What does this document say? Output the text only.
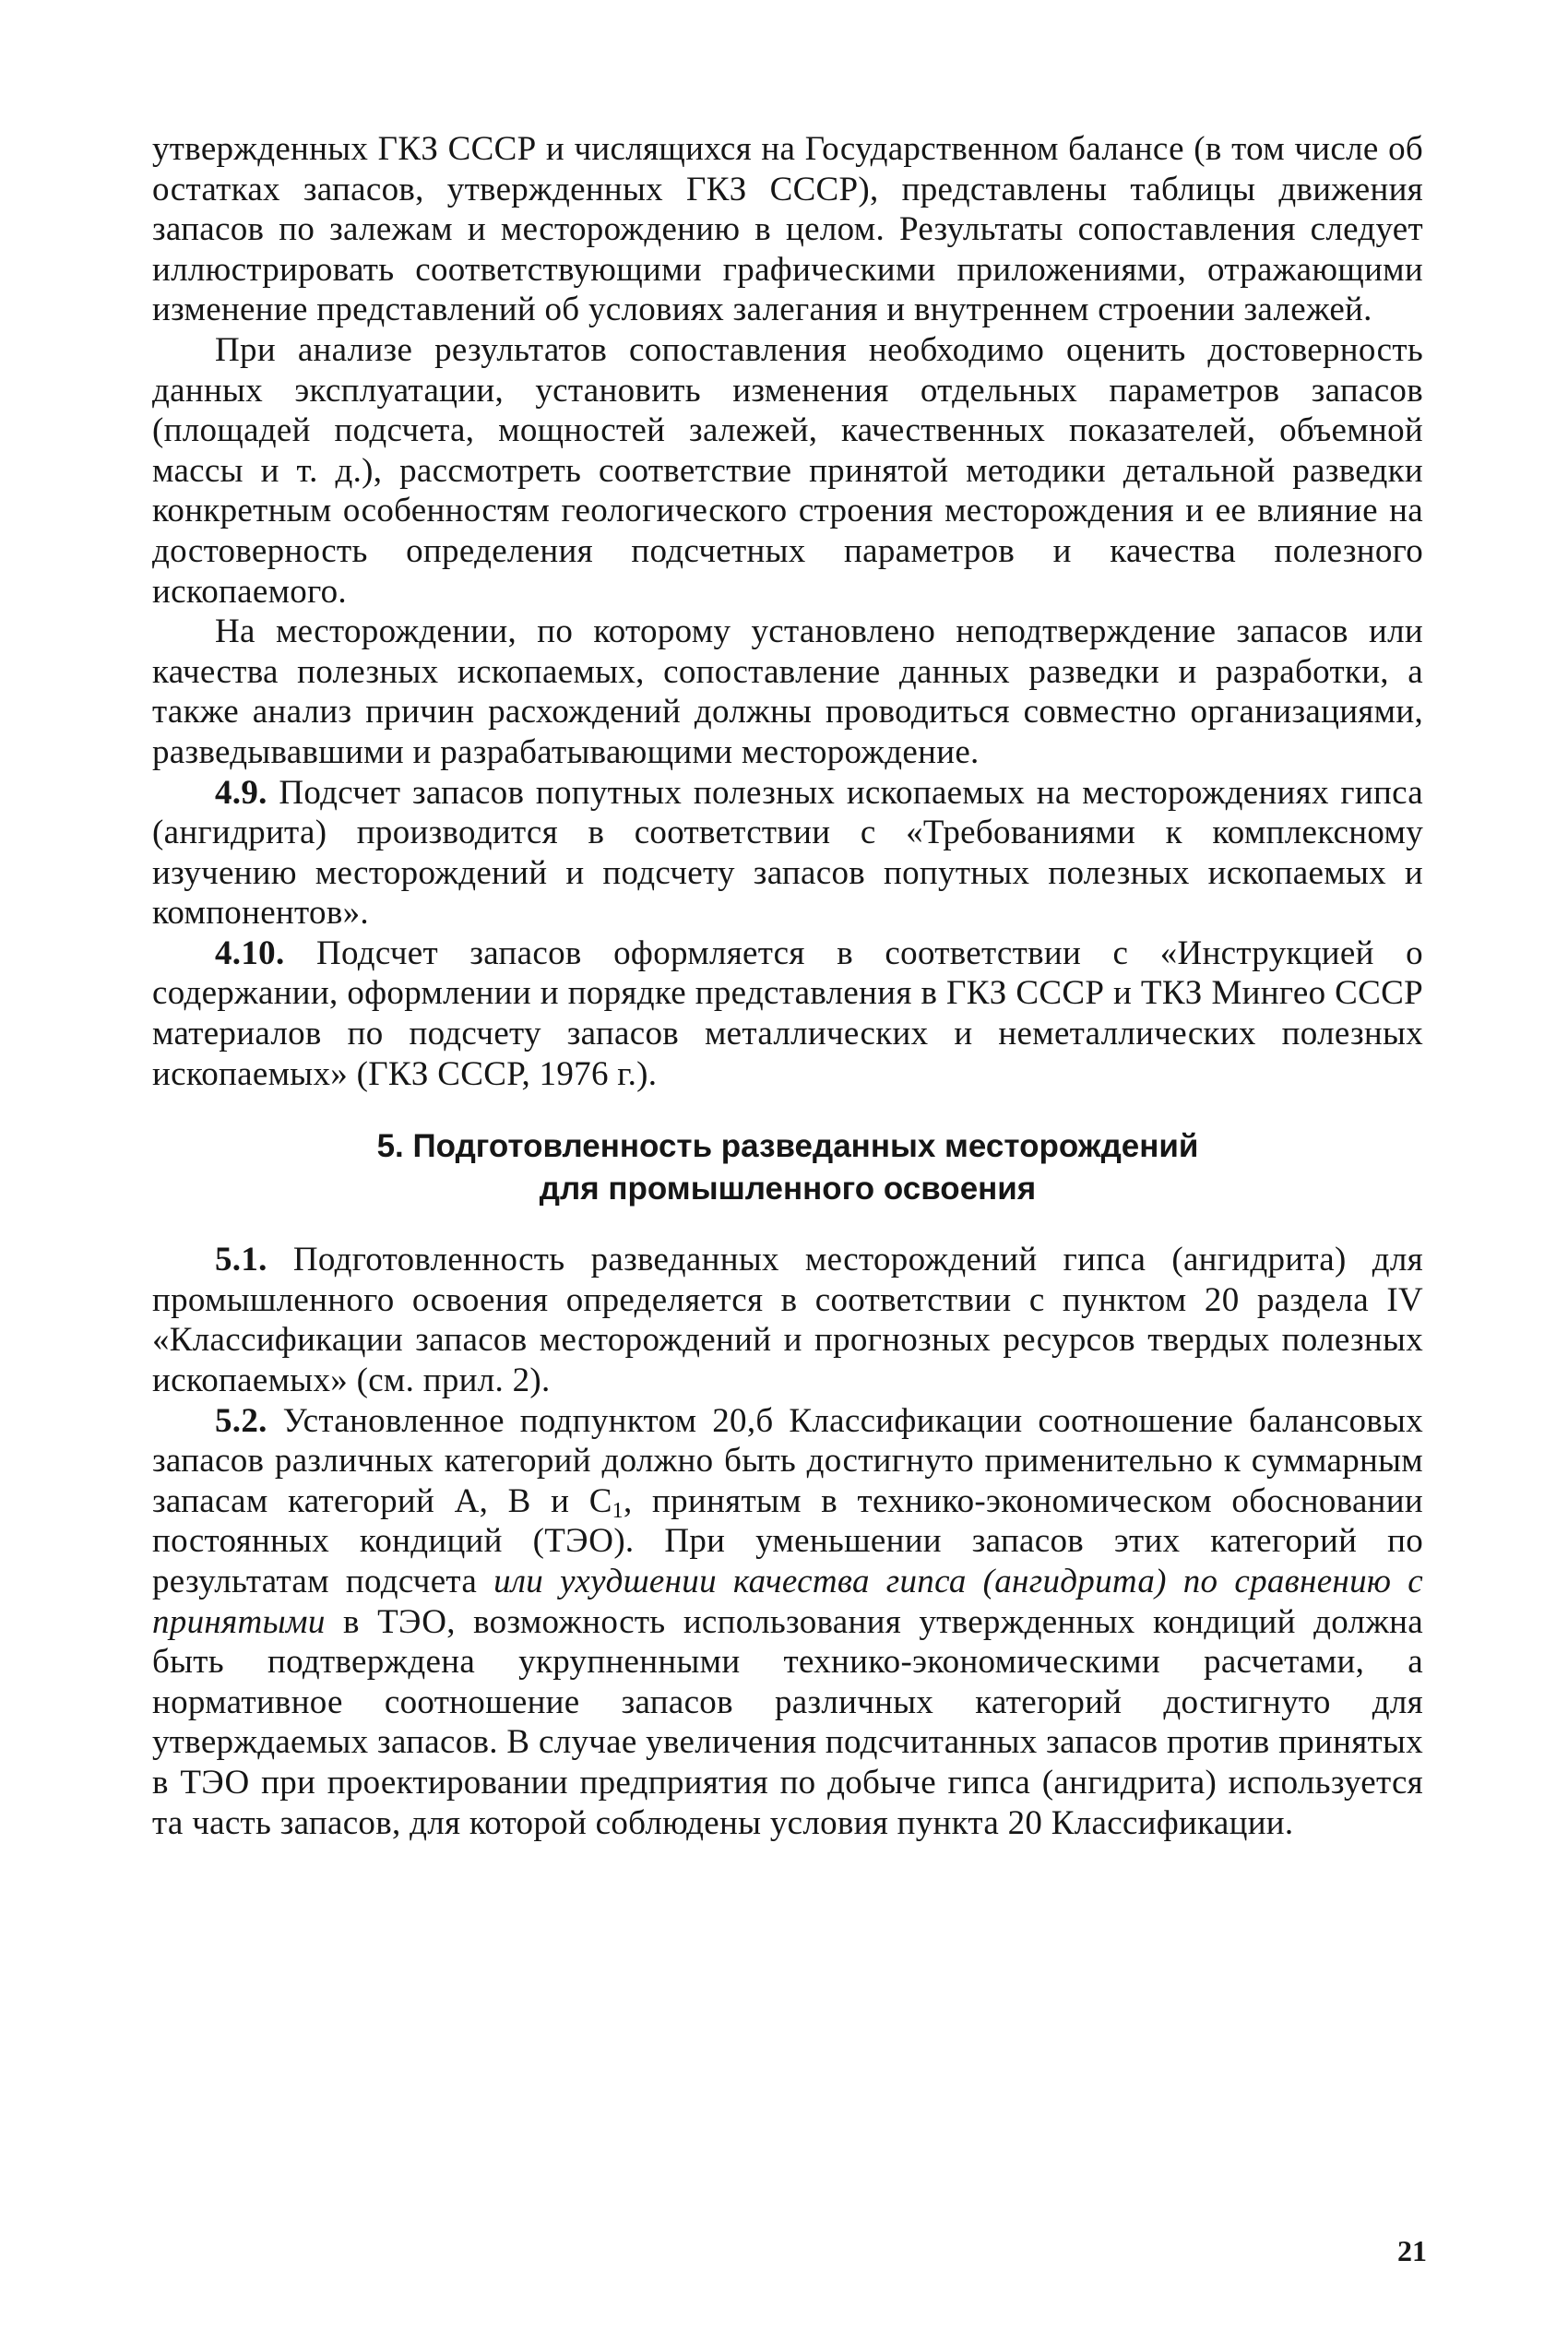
утвержденных ГКЗ СССР и числящихся на Государственном балансе (в том числе об остатках запасов, утвержденных ГКЗ СССР), представлены таблицы движения запасов по залежам и месторождению в целом. Результаты сопоставления следует иллюстрировать соответствующими графическими приложениями, отражающими изменение представлений об условиях залегания и внутреннем строении залежей.

При анализе результатов сопоставления необходимо оценить достоверность данных эксплуатации, установить изменения отдельных параметров запасов (площадей подсчета, мощностей залежей, качественных показателей, объемной массы и т. д.), рассмотреть соответствие принятой методики детальной разведки конкретным особенностям геологического строения месторождения и ее влияние на достоверность определения подсчетных параметров и качества полезного ископаемого.

На месторождении, по которому установлено неподтверждение запасов или качества полезных ископаемых, сопоставление данных разведки и разработки, а также анализ причин расхождений должны проводиться совместно организациями, разведывавшими и разрабатывающими месторождение.

4.9. Подсчет запасов попутных полезных ископаемых на месторождениях гипса (ангидрита) производится в соответствии с «Требованиями к комплексному изучению месторождений и подсчету запасов попутных полезных ископаемых и компонентов».

4.10. Подсчет запасов оформляется в соответствии с «Инструкцией о содержании, оформлении и порядке представления в ГКЗ СССР и ТКЗ Мингео СССР материалов по подсчету запасов металлических и неметаллических полезных ископаемых» (ГКЗ СССР, 1976 г.).

5. Подготовленность разведанных месторождений
для промышленного освоения

5.1. Подготовленность разведанных месторождений гипса (ангидрита) для промышленного освоения определяется в соответствии с пунктом 20 раздела IV «Классификации запасов месторождений и прогнозных ресурсов твердых полезных ископаемых» (см. прил. 2).

5.2. Установленное подпунктом 20,б Классификации соотношение балансовых запасов различных категорий должно быть достигнуто применительно к суммарным запасам категорий А, В и $С_1$, принятым в технико-экономическом обосновании постоянных кондиций (ТЭО). При уменьшении запасов этих категорий по результатам подсчета или ухудшении качества гипса (ангидрита) по сравнению с принятыми в ТЭО, возможность использования утвержденных кондиций должна быть подтверждена укрупненными технико-экономическими расчетами, а нормативное соотношение запасов различных категорий достигнуто для утверждаемых запасов. В случае увеличения подсчитанных запасов против принятых в ТЭО при проектировании предприятия по добыче гипса (ангидрита) используется та часть запасов, для которой соблюдены условия пункта 20 Классификации.

21
